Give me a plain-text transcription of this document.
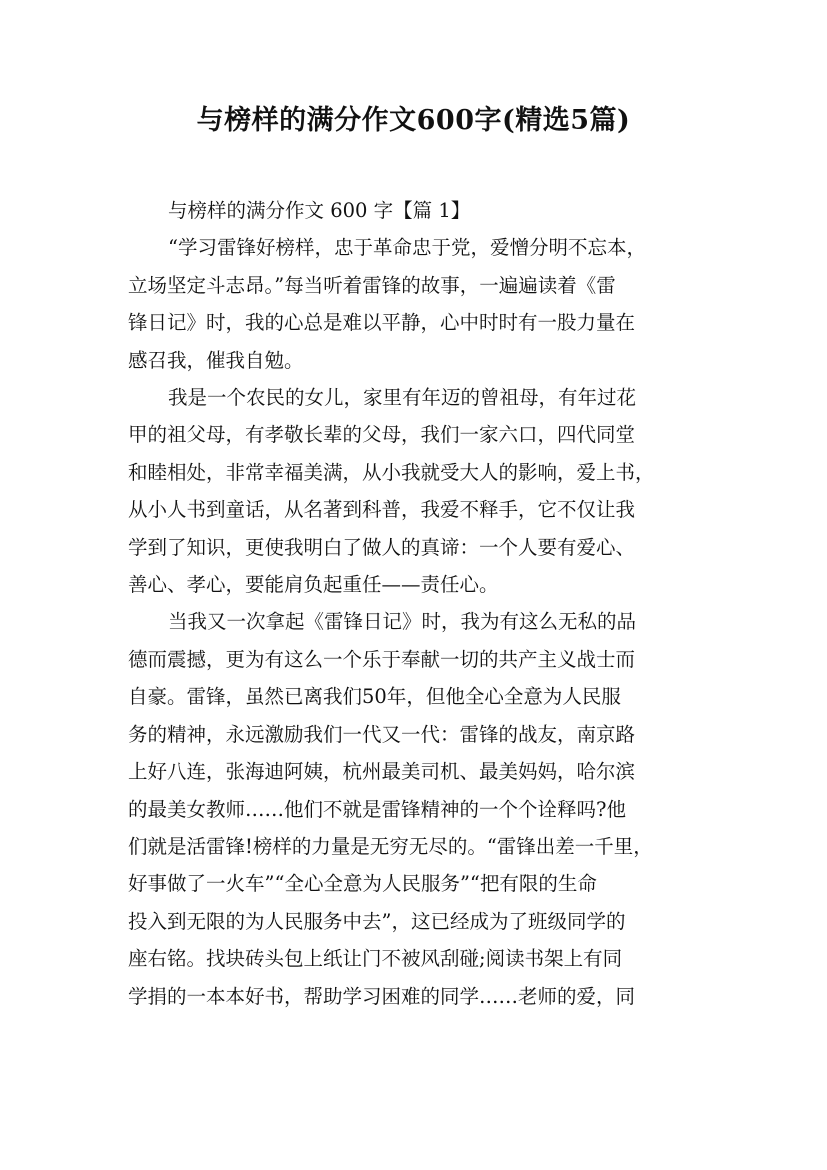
与榜样的满分作文600字(精选5篇)

与榜样的满分作文 600 字【篇 1】

“学习雷锋好榜样，忠于革命忠于党，爱憎分明不忘本，

立场坚定斗志昂。”每当听着雷锋的故事，一遍遍读着《雷

锋日记》时，我的心总是难以平静，心中时时有一股力量在

感召我，催我自勉。

我是一个农民的女儿，家里有年迈的曾祖母，有年过花

甲的祖父母，有孝敬长辈的父母，我们一家六口，四代同堂

和睦相处，非常幸福美满，从小我就受大人的影响，爱上书，

从小人书到童话，从名著到科普，我爱不释手，它不仅让我

学到了知识，更使我明白了做人的真谛：一个人要有爱心、

善心、孝心，要能肩负起重任——责任心。

当我又一次拿起《雷锋日记》时，我为有这么无私的品

德而震撼，更为有这么一个乐于奉献一切的共产主义战士而

自豪。雷锋，虽然已离我们50年，但他全心全意为人民服

务的精神，永远激励我们一代又一代：雷锋的战友，南京路

上好八连，张海迪阿姨，杭州最美司机、最美妈妈，哈尔滨

的最美女教师……他们不就是雷锋精神的一个个诠释吗?他

们就是活雷锋!榜样的力量是无穷无尽的。“雷锋出差一千里，

好事做了一火车”“全心全意为人民服务”“把有限的生命

投入到无限的为人民服务中去”，这已经成为了班级同学的

座右铭。找块砖头包上纸让门不被风刮碰;阅读书架上有同

学捐的一本本好书，帮助学习困难的同学……老师的爱，同
